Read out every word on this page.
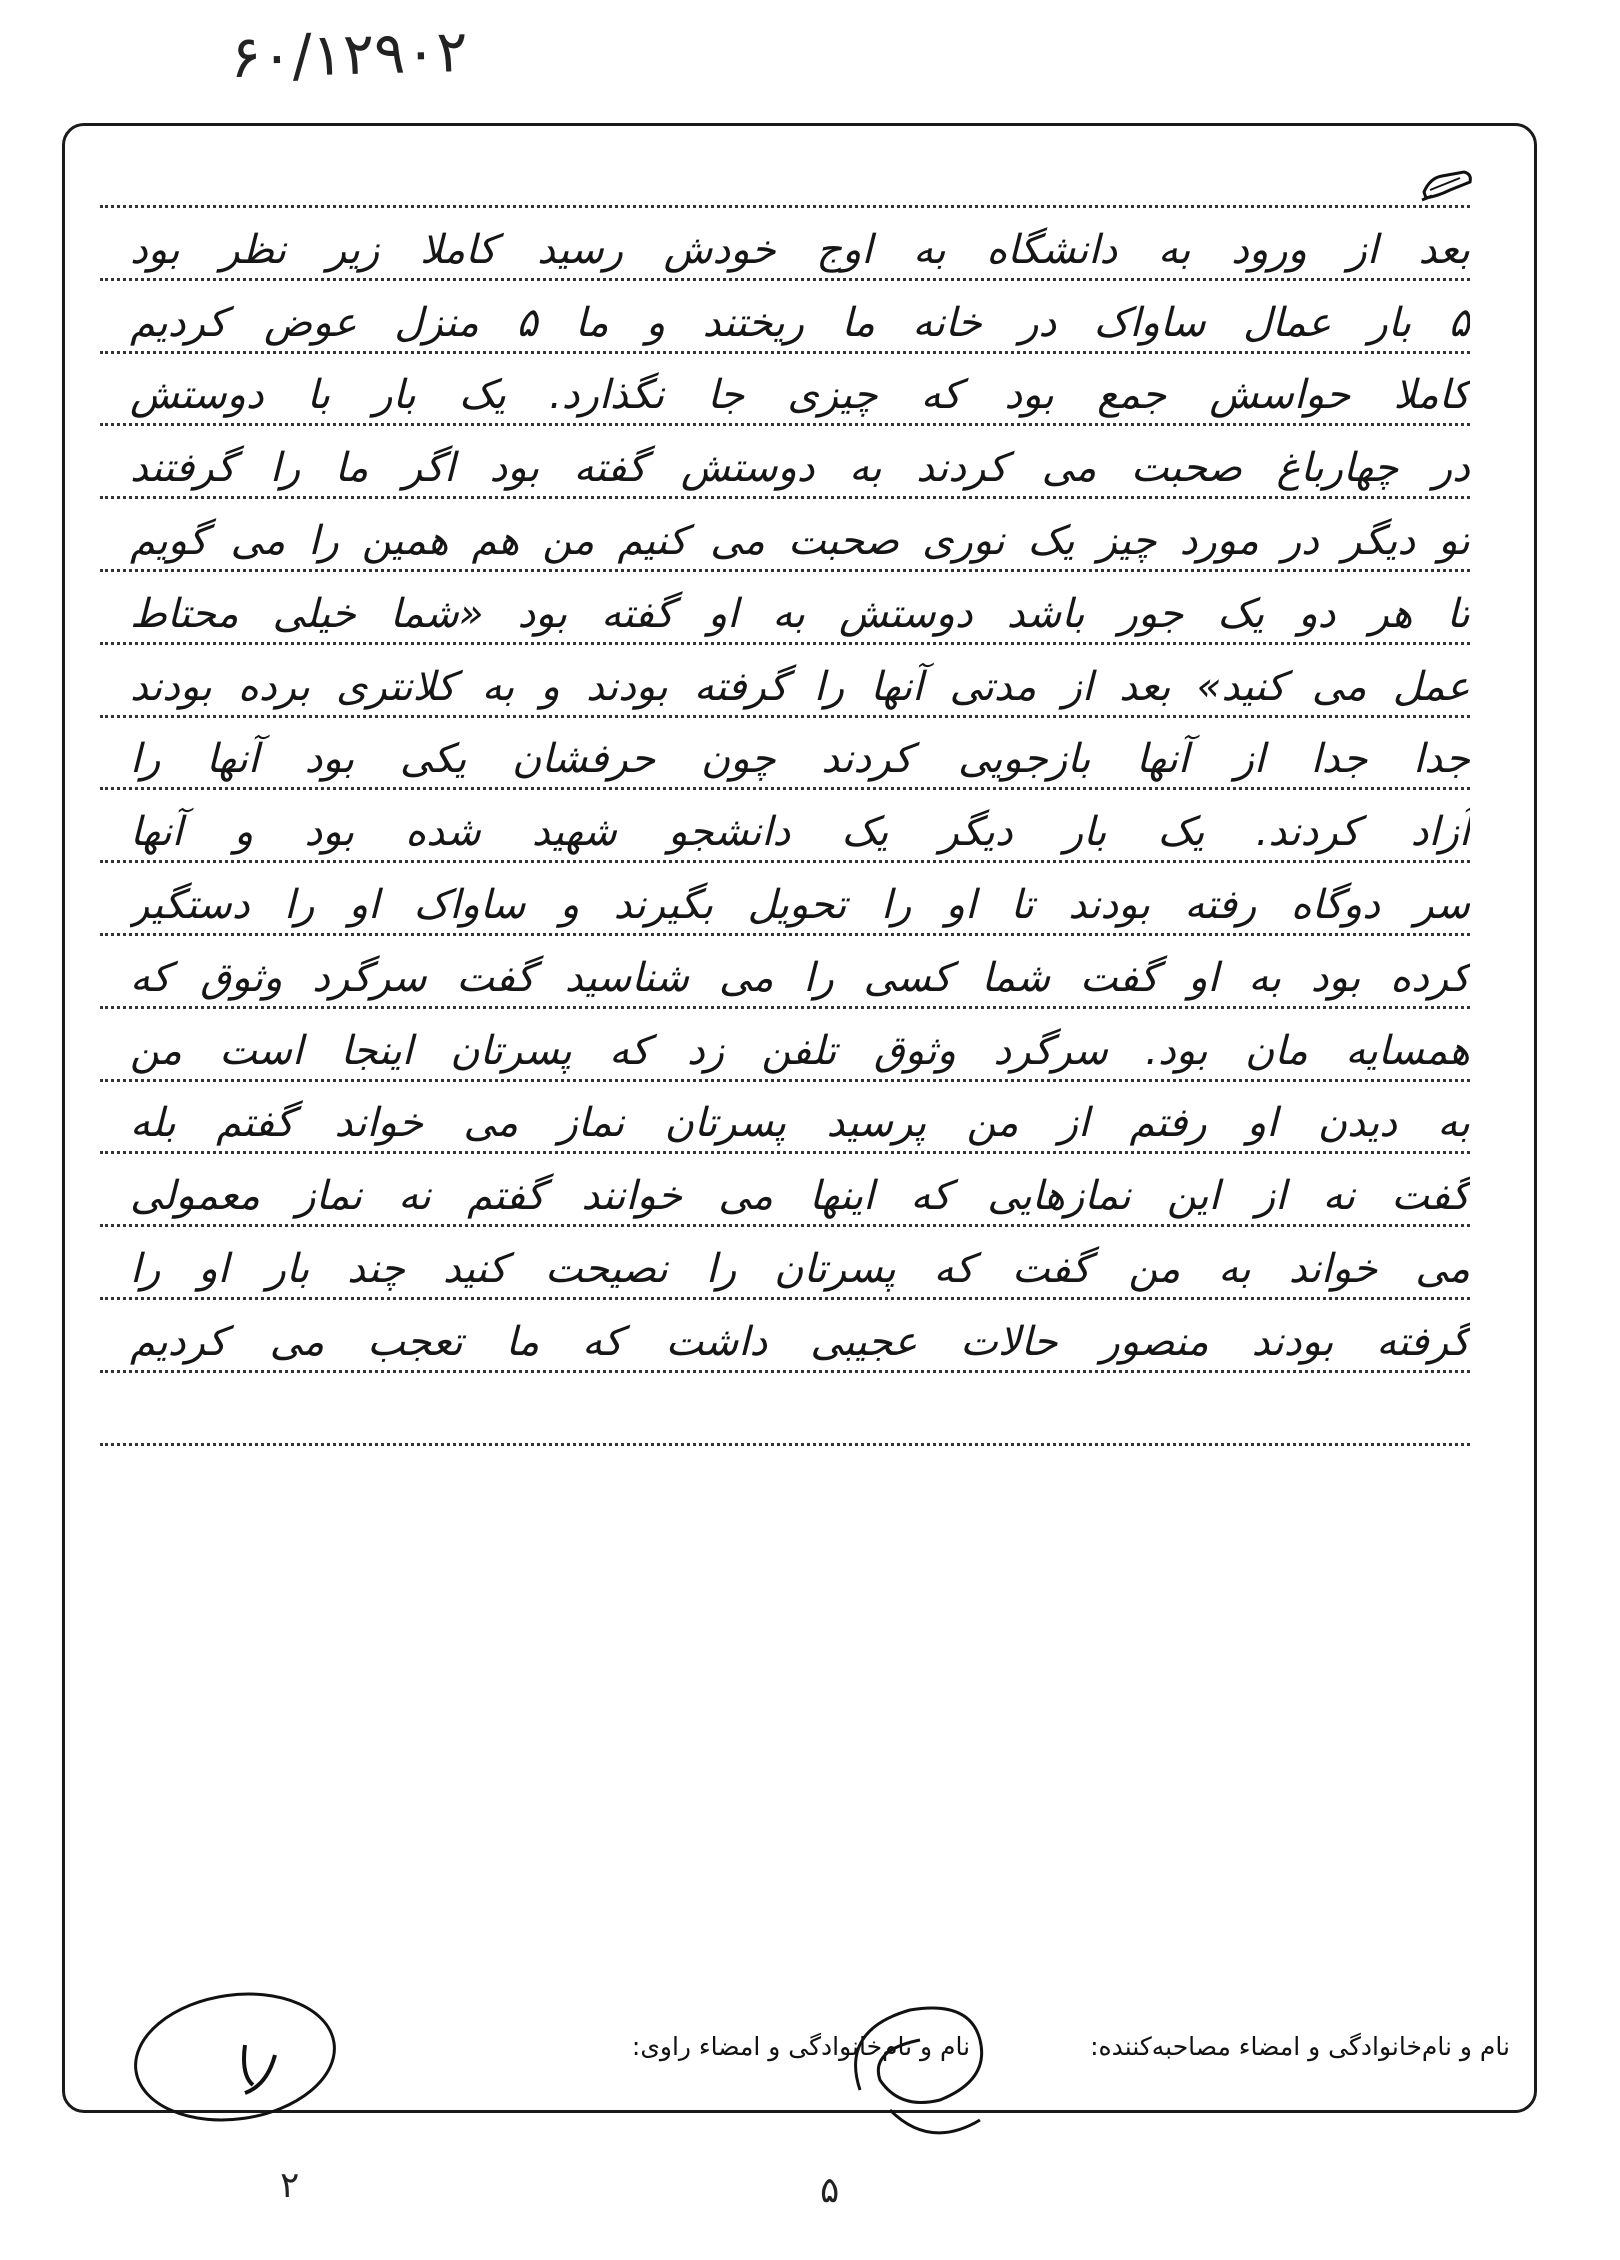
۶۰/۱۲۹۰۲
بعد از ورود به دانشگاه به اوج خودش رسید کاملا زیر نظر بود
۵ بار عمال ساواک در خانه ما ریختند و ما ۵ منزل عوض کردیم
کاملا حواسش جمع بود که چیزی جا نگذارد. یک بار با دوستش
در چهارباغ صحبت می کردند به دوستش گفته بود اگر ما را گرفتند
تو دیگر در مورد چیز یک نوری صحبت می کنیم من هم همین را می گویم
تا هر دو یک جور باشد دوستش به او گفته بود «شما خیلی محتاط
عمل می کنید» بعد از مدتی آنها را گرفته بودند و به کلانتری برده بودند
جدا جدا از آنها بازجویی کردند چون حرفشان یکی بود آنها را
آزاد کردند. یک بار دیگر یک دانشجو شهید شده بود و آنها
سر دوگاه رفته بودند تا او را تحویل بگیرند و ساواک او را دستگیر
کرده بود به او گفت شما کسی را می شناسید گفت سرگرد وثوق که
همسایه مان بود. سرگرد وثوق تلفن زد که پسرتان اینجا است من
به دیدن او رفتم از من پرسید پسرتان نماز می خواند گفتم بله
گفت نه از این نمازهایی که اینها می خوانند گفتم نه نماز معمولی
می خواند به من گفت که پسرتان را نصیحت کنید چند بار او را
گرفته بودند منصور حالات عجیبی داشت که ما تعجب می کردیم
نام و نام‌خانوادگی و امضاء مصاحبه‌کننده:
نام و نام‌خانوادگی و امضاء راوی:
۵
۲
